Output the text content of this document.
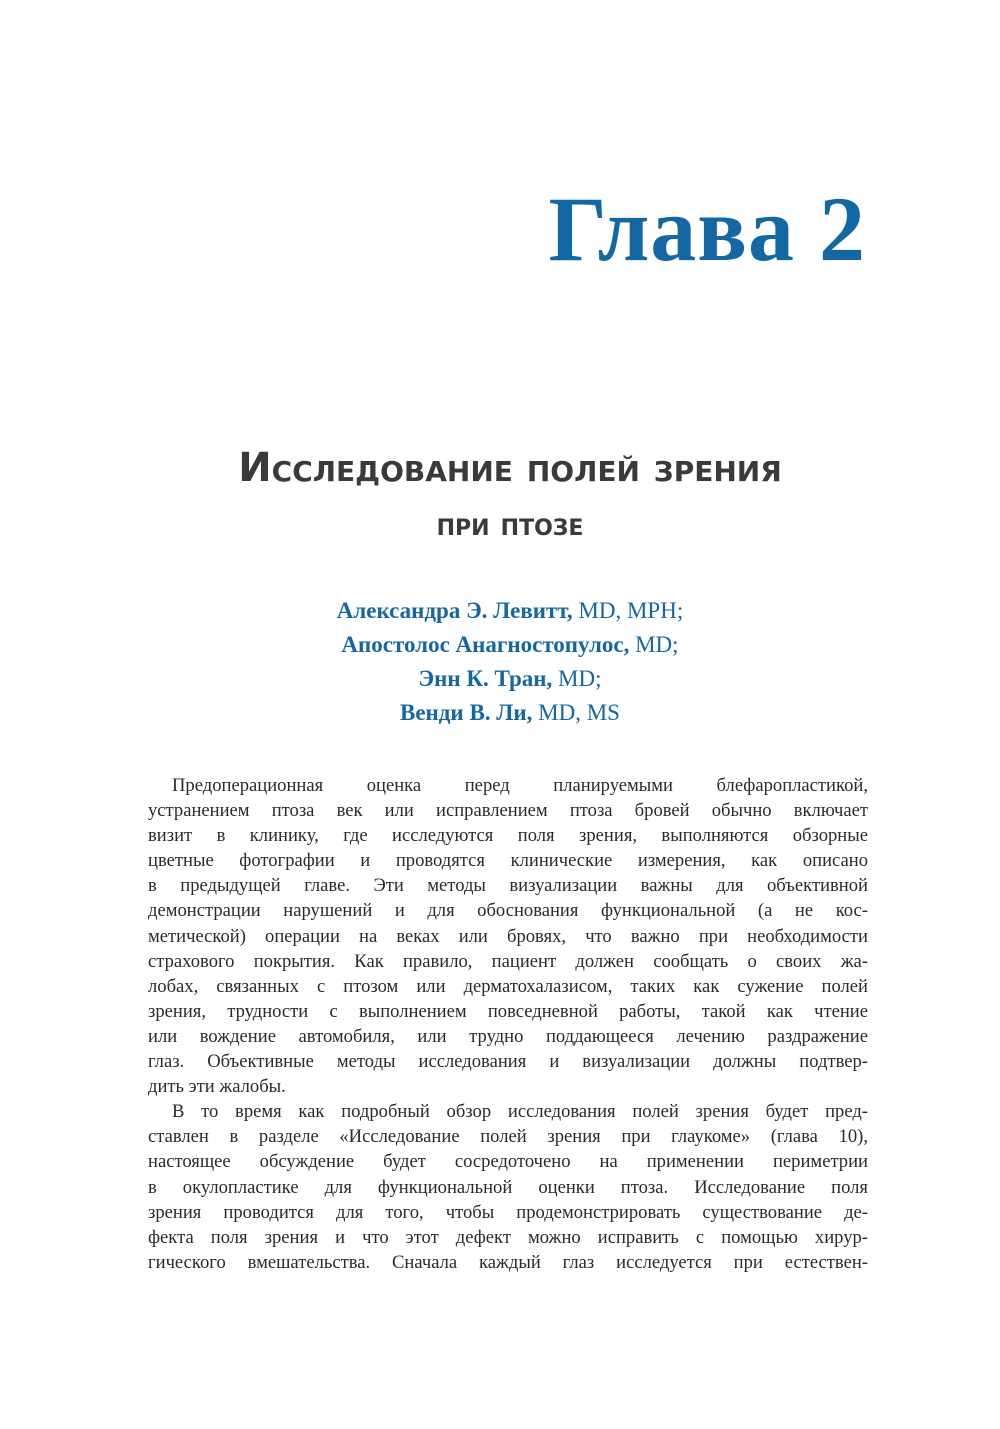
Глава 2
Исследование полей зрения
при птозе
Александра Э. Левитт, MD, MPH;
Апостолос Анагностопулос, MD;
Энн К. Тран, MD;
Венди В. Ли, MD, MS
Предоперационная оценка перед планируемыми блефаропластикой,
устранением птоза век или исправлением птоза бровей обычно включает
визит в клинику, где исследуются поля зрения, выполняются обзорные
цветные фотографии и проводятся клинические измерения, как описано
в предыдущей главе. Эти методы визуализации важны для объективной
демонстрации нарушений и для обоснования функциональной (а не кос-
метической) операции на веках или бровях, что важно при необходимости
страхового покрытия. Как правило, пациент должен сообщать о своих жа-
лобах, связанных с птозом или дерматохалазисом, таких как сужение полей
зрения, трудности с выполнением повседневной работы, такой как чтение
или вождение автомобиля, или трудно поддающееся лечению раздражение
глаз. Объективные методы исследования и визуализации должны подтвер-
дить эти жалобы.
В то время как подробный обзор исследования полей зрения будет пред-
ставлен в разделе «Исследование полей зрения при глаукоме» (глава 10),
настоящее обсуждение будет сосредоточено на применении периметрии
в окулопластике для функциональной оценки птоза. Исследование поля
зрения проводится для того, чтобы продемонстрировать существование де-
фекта поля зрения и что этот дефект можно исправить с помощью хирур-
гического вмешательства. Сначала каждый глаз исследуется при естествен-
